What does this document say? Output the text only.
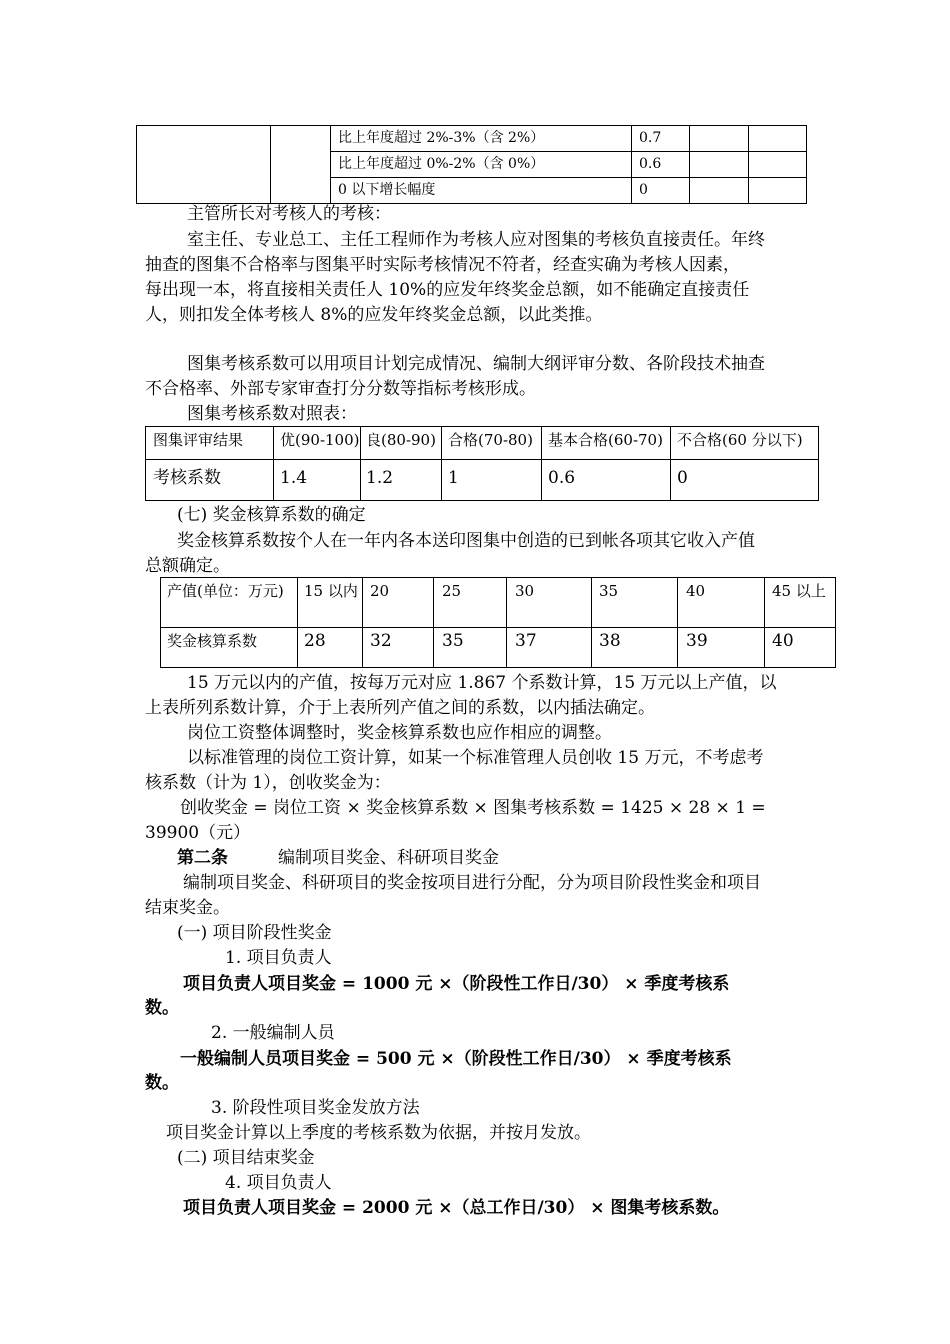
		比上年度超过 2%-3%（含 2%）	0.7		
		比上年度超过 0%-2%（含 0%）	0.6		
		0 以下增长幅度	0		
主管所长对考核人的考核：
室主任、专业总工、主任工程师作为考核人应对图集的考核负直接责任。年终
抽查的图集不合格率与图集平时实际考核情况不符者，经查实确为考核人因素，
每出现一本，将直接相关责任人 10%的应发年终奖金总额，如不能确定直接责任
人，则扣发全体考核人 8%的应发年终奖金总额，以此类推。
图集考核系数可以用项目计划完成情况、编制大纲评审分数、各阶段技术抽查
不合格率、外部专家审查打分分数等指标考核形成。
图集考核系数对照表：
图集评审结果	优(90-100)	良(80-90)	合格(70-80)	基本合格(60-70)	不合格(60 分以下)
考核系数	1.4	1.2	1	0.6	0
(七) 奖金核算系数的确定
奖金核算系数按个人在一年内各本送印图集中创造的已到帐各项其它收入产值
总额确定。
产值(单位：万元)	15 以内	20	25	30	35	40	45 以上
奖金核算系数	28	32	35	37	38	39	40
15 万元以内的产值，按每万元对应 1.867 个系数计算，15 万元以上产值，以
上表所列系数计算，介于上表所列产值之间的系数，以内插法确定。
岗位工资整体调整时，奖金核算系数也应作相应的调整。
以标准管理的岗位工资计算，如某一个标准管理人员创收 15 万元，不考虑考
核系数（计为 1），创收奖金为：
创收奖金 = 岗位工资 × 奖金核算系数 × 图集考核系数 = 1425 × 28 × 1 =
39900（元）
第二条	编制项目奖金、科研项目奖金
编制项目奖金、科研项目的奖金按项目进行分配，分为项目阶段性奖金和项目
结束奖金。
(一) 项目阶段性奖金
1. 项目负责人
项目负责人项目奖金 = 1000 元 ×（阶段性工作日/30） × 季度考核系
数。
2. 一般编制人员
一般编制人员项目奖金 = 500 元 ×（阶段性工作日/30） × 季度考核系
数。
3. 阶段性项目奖金发放方法
项目奖金计算以上季度的考核系数为依据，并按月发放。
(二) 项目结束奖金
4. 项目负责人
项目负责人项目奖金 = 2000 元 ×（总工作日/30） × 图集考核系数。
